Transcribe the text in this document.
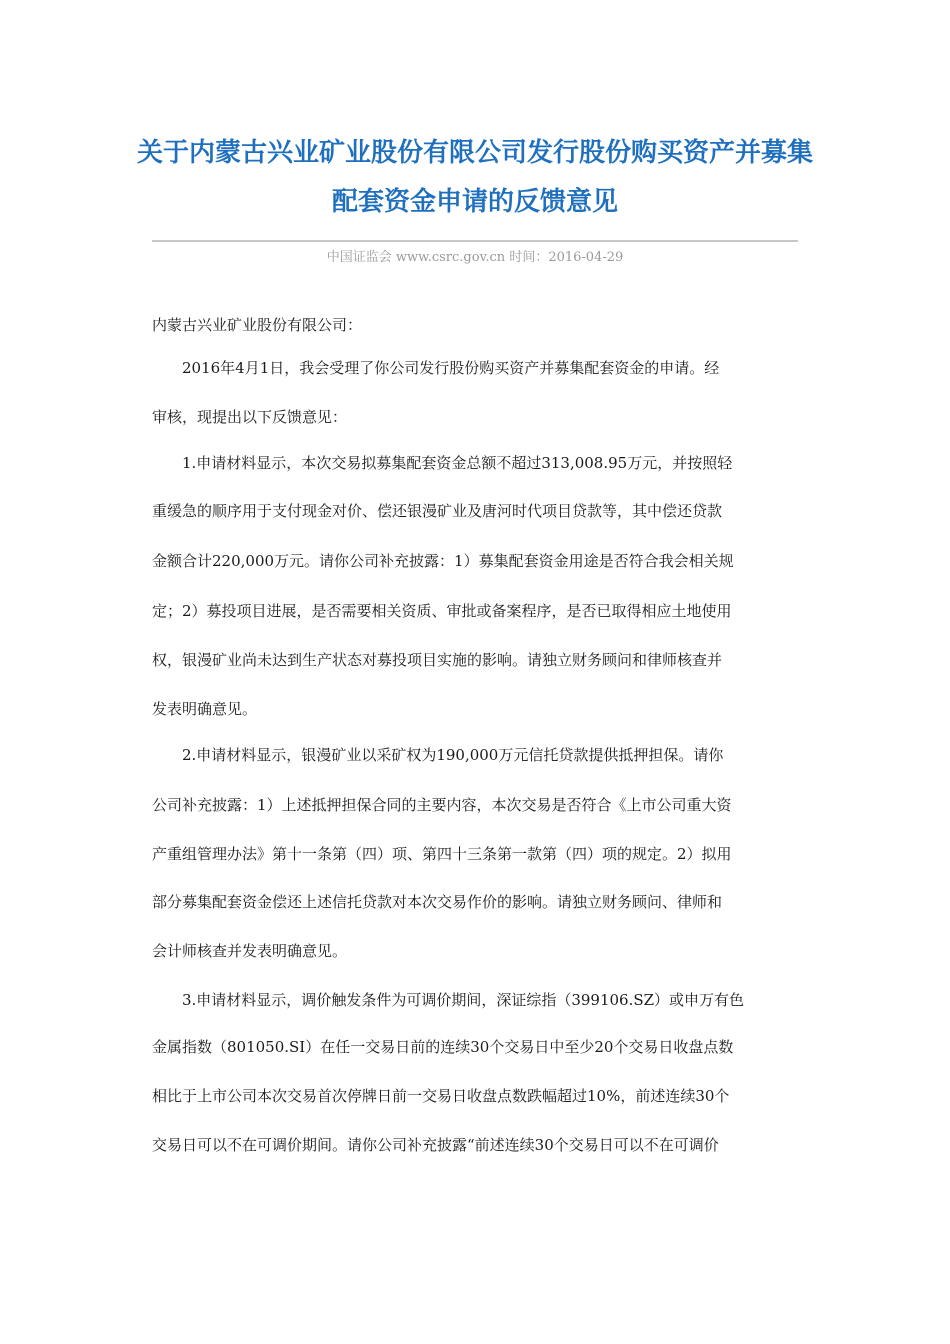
关于内蒙古兴业矿业股份有限公司发行股份购买资产并募集
配套资金申请的反馈意见
中国证监会 www.csrc.gov.cn 时间：2016-04-29
内蒙古兴业矿业股份有限公司：
　　2016年4月1日，我会受理了你公司发行股份购买资产并募集配套资金的申请。经
审核，现提出以下反馈意见：
　　1.申请材料显示，本次交易拟募集配套资金总额不超过313,008.95万元，并按照轻
重缓急的顺序用于支付现金对价、偿还银漫矿业及唐河时代项目贷款等，其中偿还贷款
金额合计220,000万元。请你公司补充披露：1）募集配套资金用途是否符合我会相关规
定；2）募投项目进展，是否需要相关资质、审批或备案程序，是否已取得相应土地使用
权，银漫矿业尚未达到生产状态对募投项目实施的影响。请独立财务顾问和律师核查并
发表明确意见。
　　2.申请材料显示，银漫矿业以采矿权为190,000万元信托贷款提供抵押担保。请你
公司补充披露：1）上述抵押担保合同的主要内容，本次交易是否符合《上市公司重大资
产重组管理办法》第十一条第（四）项、第四十三条第一款第（四）项的规定。2）拟用
部分募集配套资金偿还上述信托贷款对本次交易作价的影响。请独立财务顾问、律师和
会计师核查并发表明确意见。
　　3.申请材料显示，调价触发条件为可调价期间，深证综指（399106.SZ）或申万有色
金属指数（801050.SI）在任一交易日前的连续30个交易日中至少20个交易日收盘点数
相比于上市公司本次交易首次停牌日前一交易日收盘点数跌幅超过10%，前述连续30个
交易日可以不在可调价期间。请你公司补充披露“前述连续30个交易日可以不在可调价
